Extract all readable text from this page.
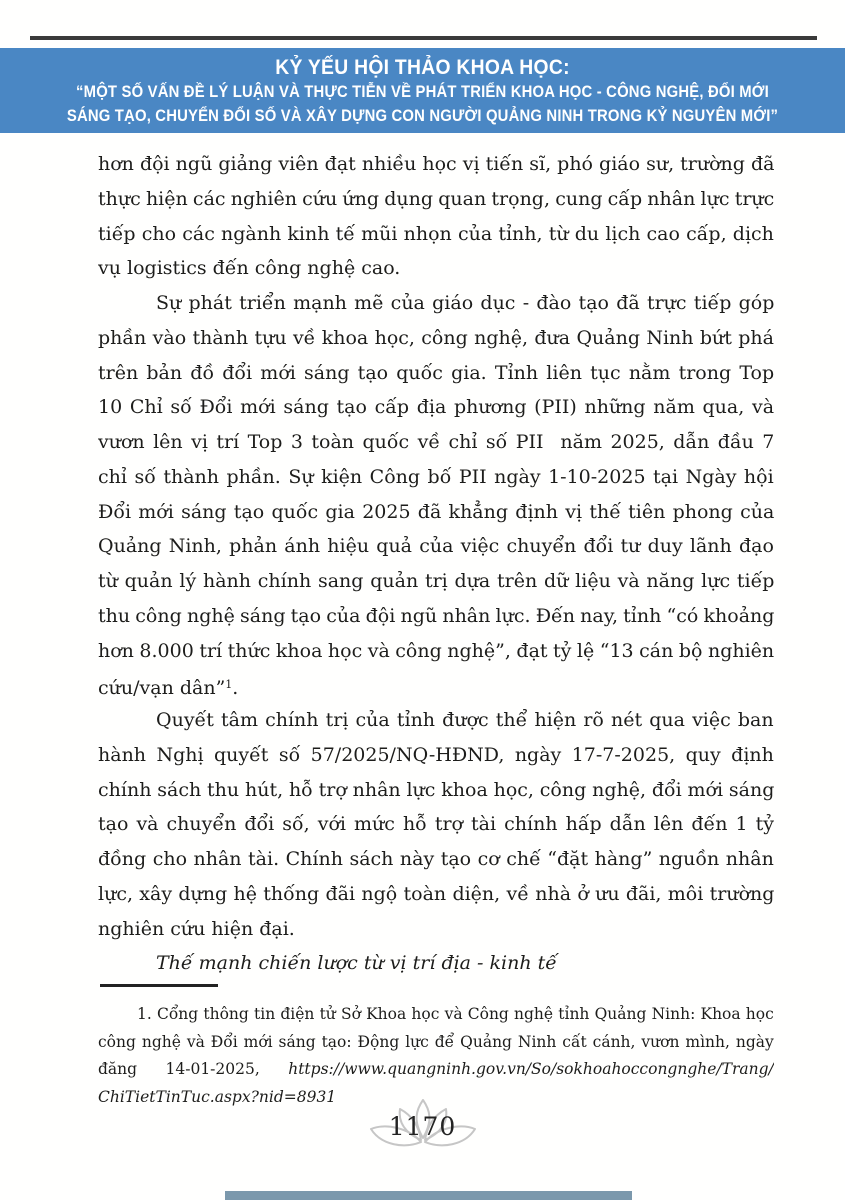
KỶ YẾU HỘI THẢO KHOA HỌC:
“MỘT SỐ VẤN ĐỀ LÝ LUẬN VÀ THỰC TIỄN VỀ PHÁT TRIỂN KHOA HỌC - CÔNG NGHỆ, ĐỔI MỚI
SÁNG TẠO, CHUYỂN ĐỔI SỐ VÀ XÂY DỰNG CON NGƯỜI QUẢNG NINH TRONG KỶ NGUYÊN MỚI”
hơn đội ngũ giảng viên đạt nhiều học vị tiến sĩ, phó giáo sư, trường đã
thực hiện các nghiên cứu ứng dụng quan trọng, cung cấp nhân lực trực
tiếp cho các ngành kinh tế mũi nhọn của tỉnh, từ du lịch cao cấp, dịch
vụ logistics đến công nghệ cao.
Sự phát triển mạnh mẽ của giáo dục - đào tạo đã trực tiếp góp
phần vào thành tựu về khoa học, công nghệ, đưa Quảng Ninh bứt phá
trên bản đồ đổi mới sáng tạo quốc gia. Tỉnh liên tục nằm trong Top
10 Chỉ số Đổi mới sáng tạo cấp địa phương (PII) những năm qua, và
vươn lên vị trí Top 3 toàn quốc về chỉ số PII  năm 2025, dẫn đầu 7
chỉ số thành phần. Sự kiện Công bố PII ngày 1-10-2025 tại Ngày hội
Đổi mới sáng tạo quốc gia 2025 đã khẳng định vị thế tiên phong của
Quảng Ninh, phản ánh hiệu quả của việc chuyển đổi tư duy lãnh đạo
từ quản lý hành chính sang quản trị dựa trên dữ liệu và năng lực tiếp
thu công nghệ sáng tạo của đội ngũ nhân lực. Đến nay, tỉnh “có khoảng
hơn 8.000 trí thức khoa học và công nghệ”, đạt tỷ lệ “13 cán bộ nghiên
cứu/vạn dân”$^1$.
Quyết tâm chính trị của tỉnh được thể hiện rõ nét qua việc ban
hành Nghị quyết số 57/2025/NQ-HĐND, ngày 17-7-2025, quy định
chính sách thu hút, hỗ trợ nhân lực khoa học, công nghệ, đổi mới sáng
tạo và chuyển đổi số, với mức hỗ trợ tài chính hấp dẫn lên đến 1 tỷ
đồng cho nhân tài. Chính sách này tạo cơ chế “đặt hàng” nguồn nhân
lực, xây dựng hệ thống đãi ngộ toàn diện, về nhà ở ưu đãi, môi trường
nghiên cứu hiện đại.
Thế mạnh chiến lược từ vị trí địa - kinh tế
1. Cổng thông tin điện tử Sở Khoa học và Công nghệ tỉnh Quảng Ninh: Khoa học
công nghệ và Đổi mới sáng tạo: Động lực để Quảng Ninh cất cánh, vươn mình, ngày
đăng 14-01-2025, https://www.quangninh.gov.vn/So/sokhoahoccongnghe/Trang/
ChiTietTinTuc.aspx?nid=8931
1170
